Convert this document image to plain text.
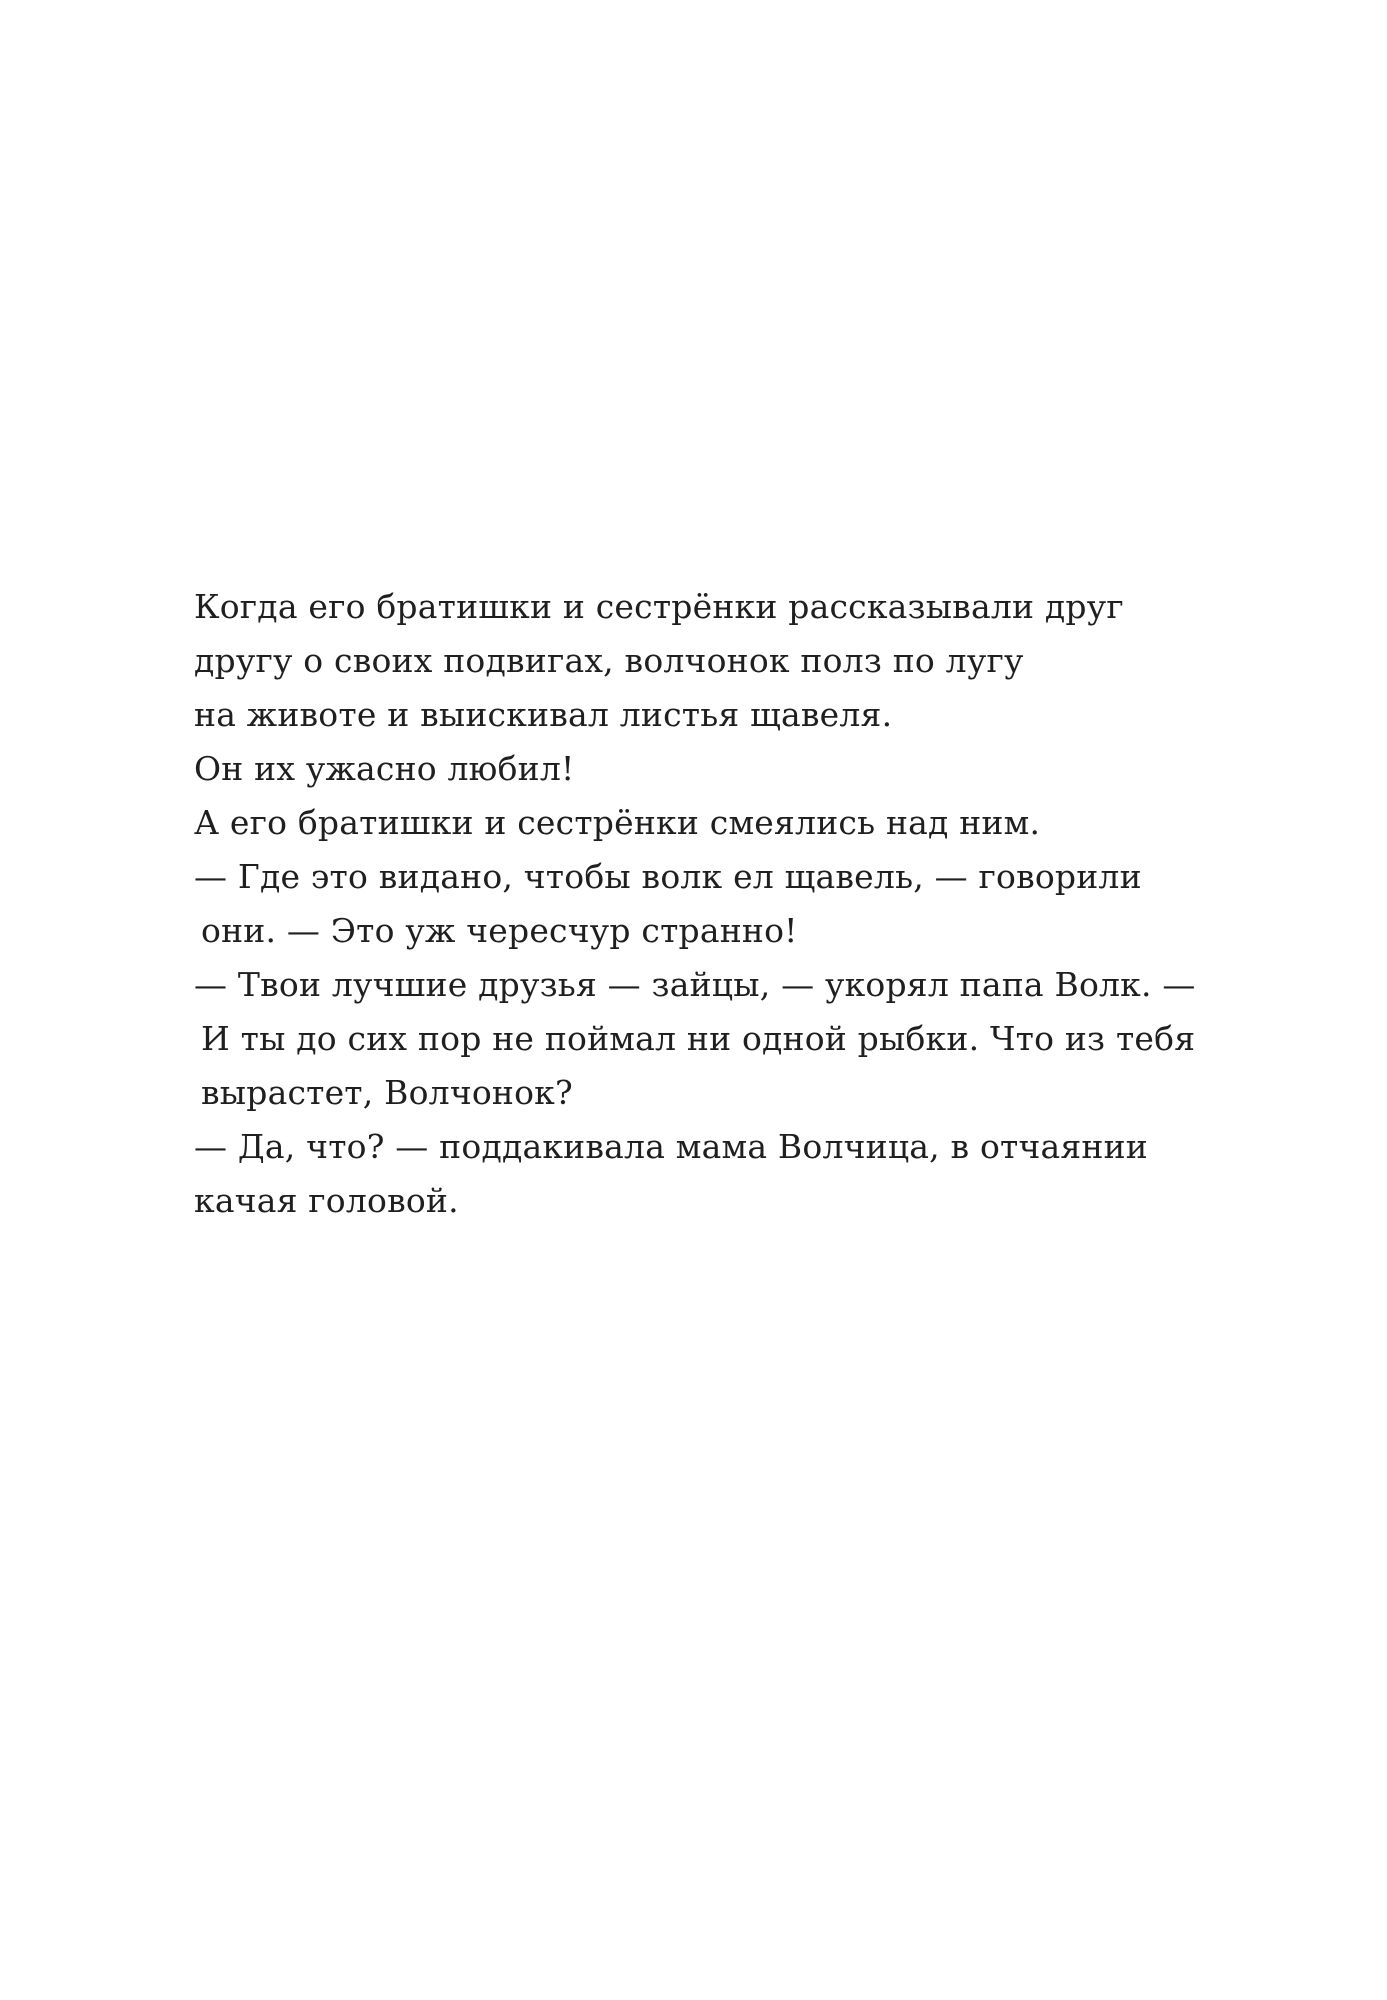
Когда его братишки и сестрёнки рассказывали друг
другу о своих подвигах, волчонок полз по лугу
на животе и выискивал листья щавеля.
Он их ужасно любил!
А его братишки и сестрёнки смеялись над ним.
— Где это видано, чтобы волк ел щавель, — говорили
они. — Это уж чересчур странно!
— Твои лучшие друзья — зайцы, — укорял папа Волк. —
И ты до сих пор не поймал ни одной рыбки. Что из тебя
вырастет, Волчонок?
— Да, что? — поддакивала мама Волчица, в отчаянии
качая головой.
